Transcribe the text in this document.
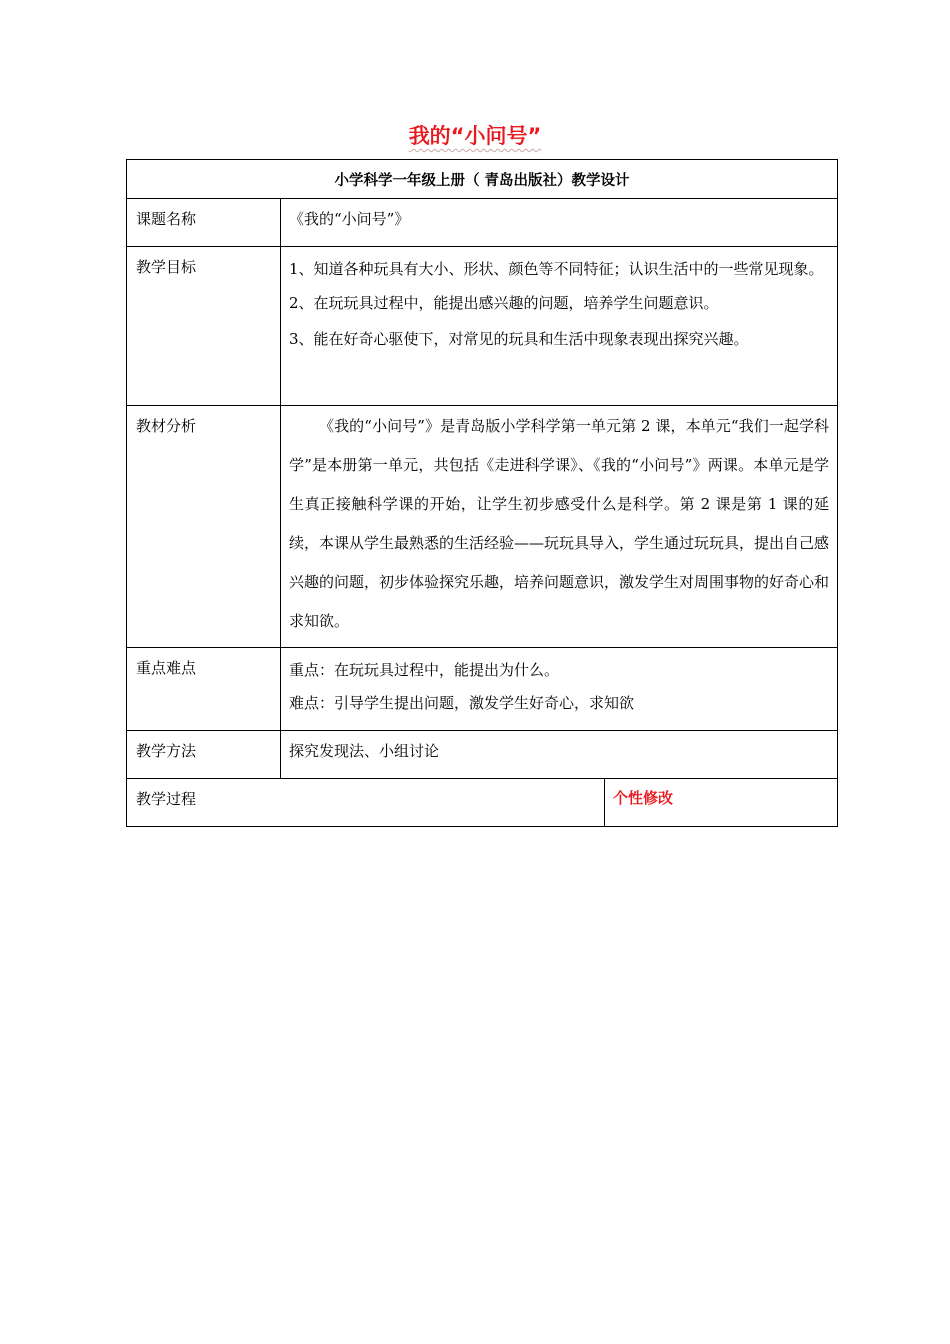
我的“小问号”
小学科学一年级上册（ 青岛出版社）教学设计		
课题名称	《我的“小问号”》	
教学目标	1、知道各种玩具有大小、形状、颜色等不同特征；认识生活中的一些常见现象。
2、在玩玩具过程中，能提出感兴趣的问题，培养学生问题意识。
3、能在好奇心驱使下，对常见的玩具和生活中现象表现出探究兴趣。	

教材分析	《我的“小问号”》是青岛版小学科学第一单元第 2 课，本单元“我们一起学科学”是本册第一单元，共包括《走进科学课》、《我的“小问号”》两课。本单元是学生真正接触科学课的开始，让学生初步感受什么是科学。第 2 课是第 1 课的延续，本课从学生最熟悉的生活经验——玩玩具导入，学生通过玩玩具，提出自己感兴趣的问题，初步体验探究乐趣，培养问题意识，激发学生对周围事物的好奇心和求知欲。	

重点难点	重点：在玩玩具过程中，能提出为什么。
难点：引导学生提出问题，激发学生好奇心，求知欲	

教学方法	探究发现法、小组讨论	
教学过程		个性修改
